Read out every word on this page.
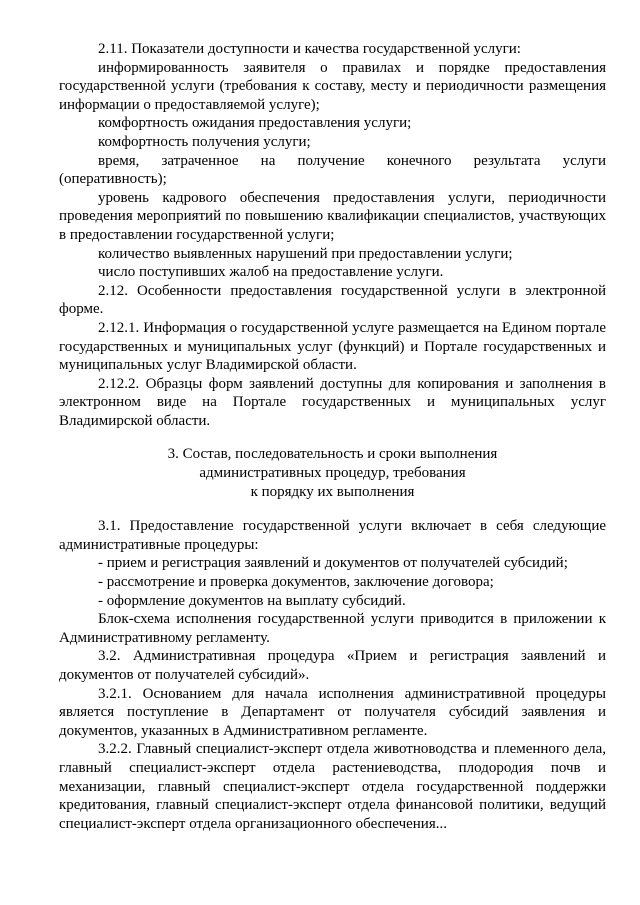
2.11. Показатели доступности и качества государственной услуги:

информированность заявителя о правилах и порядке предоставления государственной услуги (требования к составу, месту и периодичности размещения информации о предоставляемой услуге);

комфортность ожидания предоставления услуги;

комфортность получения услуги;

время, затраченное на получение конечного результата услуги (оперативность);

уровень кадрового обеспечения предоставления услуги, периодичности проведения мероприятий по повышению квалификации специалистов, участвующих в предоставлении государственной услуги;

количество выявленных нарушений при предоставлении услуги;

число поступивших жалоб на предоставление услуги.

2.12. Особенности предоставления государственной услуги в электронной форме.

2.12.1. Информация о государственной услуге размещается на Едином портале государственных и муниципальных услуг (функций) и Портале государственных и муниципальных услуг Владимирской области.

2.12.2. Образцы форм заявлений доступны для копирования и заполнения в электронном виде на Портале государственных и муниципальных услуг Владимирской области.

3. Состав, последовательность и сроки выполнения
административных процедур, требования
к порядку их выполнения

3.1. Предоставление государственной услуги включает в себя следующие административные процедуры:

- прием и регистрация заявлений и документов от получателей субсидий;

- рассмотрение и проверка документов, заключение договора;

- оформление документов на выплату субсидий.

Блок-схема исполнения государственной услуги приводится в приложении к Административному регламенту.

3.2. Административная процедура «Прием и регистрация заявлений и документов от получателей субсидий».

3.2.1. Основанием для начала исполнения административной процедуры является поступление в Департамент от получателя субсидий заявления и документов, указанных в Административном регламенте.

3.2.2. Главный специалист-эксперт отдела животноводства и племенного дела, главный специалист-эксперт отдела растениеводства, плодородия почв и механизации, главный специалист-эксперт отдела государственной поддержки кредитования, главный специалист-эксперт отдела финансовой политики, ведущий специалист-эксперт отдела организационного обеспечения...
